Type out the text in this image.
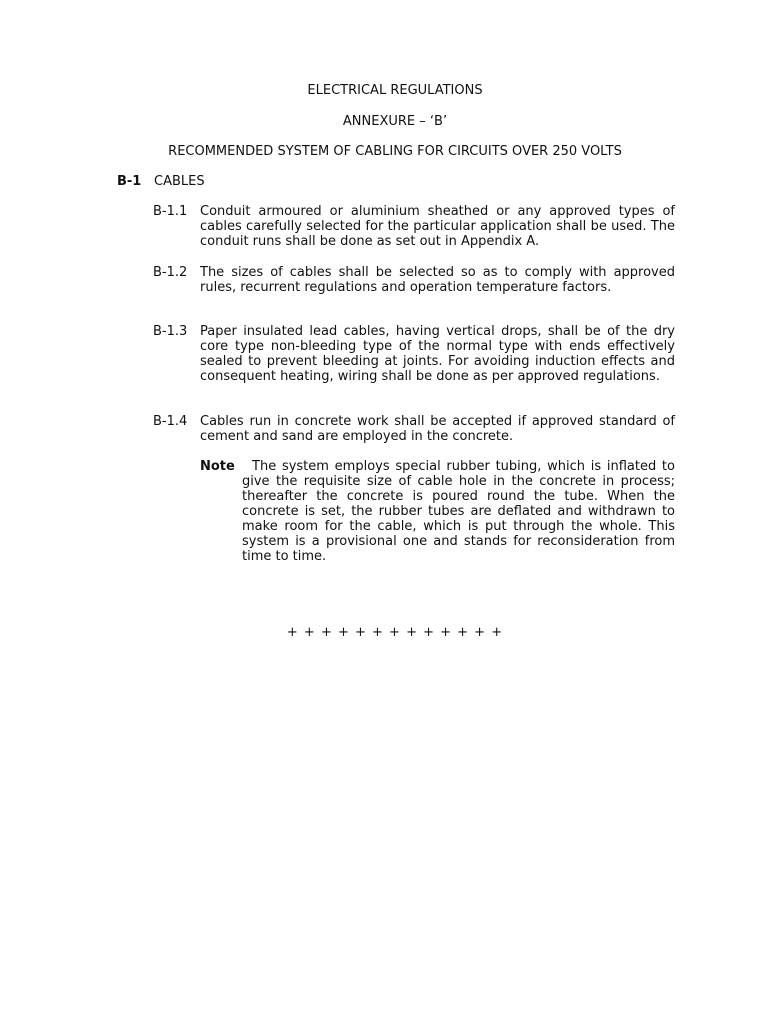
ELECTRICAL REGULATIONS
ANNEXURE – ‘B’
RECOMMENDED SYSTEM OF CABLING FOR CIRCUITS OVER 250 VOLTS
B-1 CABLES
B-1.1 Conduit armoured or aluminium sheathed or any approved types of cables carefully selected for the particular application shall be used. The conduit runs shall be done as set out in Appendix A.
B-1.2 The sizes of cables shall be selected so as to comply with approved rules, recurrent regulations and operation temperature factors.
B-1.3 Paper insulated lead cables, having vertical drops, shall be of the dry core type non-bleeding type of the normal type with ends effectively sealed to prevent bleeding at joints. For avoiding induction effects and consequent heating, wiring shall be done as per approved regulations.
B-1.4 Cables run in concrete work shall be accepted if approved standard of cement and sand are employed in the concrete.
Note The system employs special rubber tubing, which is inflated to give the requisite size of cable hole in the concrete in process; thereafter the concrete is poured round the tube. When the concrete is set, the rubber tubes are deflated and withdrawn to make room for the cable, which is put through the whole. This system is a provisional one and stands for reconsideration from time to time.
+ + + + + + + + + + + + +
